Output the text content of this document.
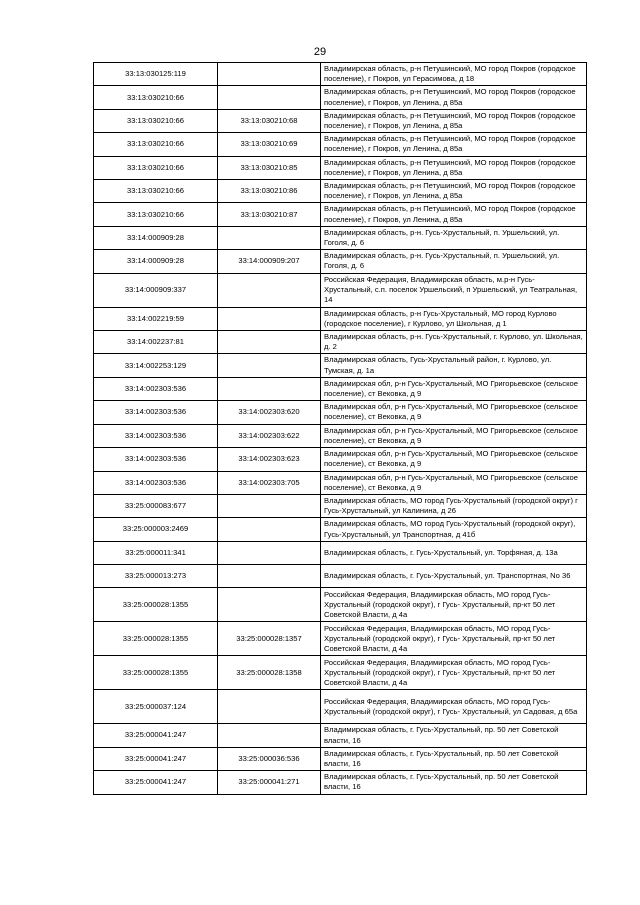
29
33:13:030125:119		Владимирская область, р-н Петушинский, МО город Покров (городское поселение), г Покров, ул Герасимова, д 18
33:13:030210:66		Владимирская область, р-н Петушинский, МО город Покров (городское поселение), г Покров, ул Ленина, д 85а
33:13:030210:66	33:13:030210:68	Владимирская область, р-н Петушинский, МО город Покров (городское поселение), г Покров, ул Ленина, д 85а
33:13:030210:66	33:13:030210:69	Владимирская область, р-н Петушинский, МО город Покров (городское поселение), г Покров, ул Ленина, д 85а
33:13:030210:66	33:13:030210:85	Владимирская область, р-н Петушинский, МО город Покров (городское поселение), г Покров, ул Ленина, д 85а
33:13:030210:66	33:13:030210:86	Владимирская область, р-н Петушинский, МО город Покров (городское поселение), г Покров, ул Ленина, д 85а
33:13:030210:66	33:13:030210:87	Владимирская область, р-н Петушинский, МО город Покров (городское поселение), г Покров, ул Ленина, д 85а
33:14:000909:28		Владимирская область, р-н. Гусь-Хрустальный, п. Уршельский, ул. Гоголя, д. 6
33:14:000909:28	33:14:000909:207	Владимирская область, р-н. Гусь-Хрустальный, п. Уршельский, ул. Гоголя, д. 6
33:14:000909:337		Российская Федерация, Владимирская область, м.р-н Гусь-Хрустальный, с.п. поселок Уршельский, п Уршельский, ул Театральная, 14
33:14:002219:59		Владимирская область, р-н Гусь-Хрустальный, МО город Курлово (городское поселение), г Курлово, ул Школьная, д 1
33:14:002237:81		Владимирская область, р-н. Гусь-Хрустальный, г. Курлово, ул. Школьная, д. 2
33:14:002253:129		Владимирская область, Гусь-Хрустальный район, г. Курлово, ул. Тумская, д. 1а
33:14:002303:536		Владимирская обл, р-н Гусь-Хрустальный, МО Григорьевское (сельское поселение), ст Вековка, д 9
33:14:002303:536	33:14:002303:620	Владимирская обл, р-н Гусь-Хрустальный, МО Григорьевское (сельское поселение), ст Вековка, д 9
33:14:002303:536	33:14:002303:622	Владимирская обл, р-н Гусь-Хрустальный, МО Григорьевское (сельское поселение), ст Вековка, д 9
33:14:002303:536	33:14:002303:623	Владимирская обл, р-н Гусь-Хрустальный, МО Григорьевское (сельское поселение), ст Вековка, д 9
33:14:002303:536	33:14:002303:705	Владимирская обл, р-н Гусь-Хрустальный, МО Григорьевское (сельское поселение), ст Вековка, д 9
33:25:000083:677		Владимирская область, МО город Гусь-Хрустальный (городской округ) г Гусь-Хрустальный, ул Калинина, д 26
33:25:000003:2469		Владимирская область, МО город Гусь-Хрустальный (городской округ), Гусь-Хрустальный, ул Транспортная, д 41б
33:25:000011:341		Владимирская область, г. Гусь-Хрустальный, ул. Торфяная, д. 13а
33:25:000013:273		Владимирская область, г. Гусь-Хрустальный, ул. Транспортная, No 36
33:25:000028:1355		Российская Федерация, Владимирская область, МО город Гусь-Хрустальный (городской округ), г Гусь- Хрустальный, пр-кт 50 лет Советской Власти, д 4а
33:25:000028:1355	33:25:000028:1357	Российская Федерация, Владимирская область, МО город Гусь-Хрустальный (городской округ), г Гусь- Хрустальный, пр-кт 50 лет Советской Власти, д 4а
33:25:000028:1355	33:25:000028:1358	Российская Федерация, Владимирская область, МО город Гусь-Хрустальный (городской округ), г Гусь- Хрустальный, пр-кт 50 лет Советской Власти, д 4а
33:25:000037:124		Российская Федерация, Владимирская область, МО город Гусь-Хрустальный (городской округ), г Гусь- Хрустальный, ул Садовая, д 65а
33:25:000041:247		Владимирская область, г. Гусь-Хрустальный, пр. 50 лет Советской власти, 16
33:25:000041:247	33:25:000036:536	Владимирская область, г. Гусь-Хрустальный, пр. 50 лет Советской власти, 16
33:25:000041:247	33:25:000041:271	Владимирская область, г. Гусь-Хрустальный, пр. 50 лет Советской власти, 16
